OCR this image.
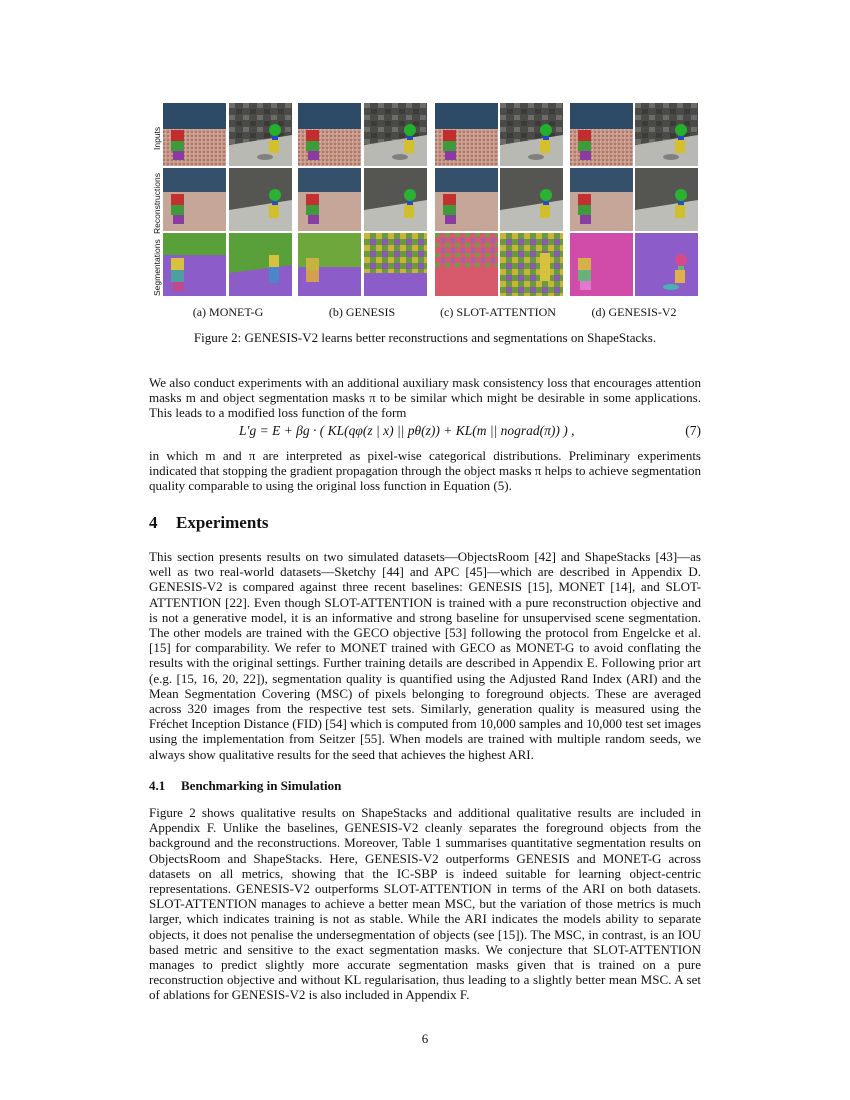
Inputs
Reconstructions
Segmentations
(a) MONET-G	(b) GENESIS	(c) SLOT-ATTENTION	(d) GENESIS-V2
Figure 2: GENESIS-V2 learns better reconstructions and segmentations on ShapeStacks.
We also conduct experiments with an additional auxiliary mask consistency loss that encourages attention masks m and object segmentation masks π to be similar which might be desirable in some applications. This leads to a modified loss function of the form
L′g = E + βg · ( KL(qφ(z | x) || pθ(z)) + KL(m || nograd(π)) ) ,	(7)
in which m and π are interpreted as pixel-wise categorical distributions. Preliminary experiments indicated that stopping the gradient propagation through the object masks π helps to achieve segmentation quality comparable to using the original loss function in Equation (5).
4 Experiments
This section presents results on two simulated datasets—ObjectsRoom [42] and ShapeStacks [43]—as well as two real-world datasets—Sketchy [44] and APC [45]—which are described in Appendix D. GENESIS-V2 is compared against three recent baselines: GENESIS [15], MONET [14], and SLOT-ATTENTION [22]. Even though SLOT-ATTENTION is trained with a pure reconstruction objective and is not a generative model, it is an informative and strong baseline for unsupervised scene segmentation. The other models are trained with the GECO objective [53] following the protocol from Engelcke et al. [15] for comparability. We refer to MONET trained with GECO as MONET-G to avoid conflating the results with the original settings. Further training details are described in Appendix E. Following prior art (e.g. [15, 16, 20, 22]), segmentation quality is quantified using the Adjusted Rand Index (ARI) and the Mean Segmentation Covering (MSC) of pixels belonging to foreground objects. These are averaged across 320 images from the respective test sets. Similarly, generation quality is measured using the Fréchet Inception Distance (FID) [54] which is computed from 10,000 samples and 10,000 test set images using the implementation from Seitzer [55]. When models are trained with multiple random seeds, we always show qualitative results for the seed that achieves the highest ARI.
4.1 Benchmarking in Simulation
Figure 2 shows qualitative results on ShapeStacks and additional qualitative results are included in Appendix F. Unlike the baselines, GENESIS-V2 cleanly separates the foreground objects from the background and the reconstructions. Moreover, Table 1 summarises quantitative segmentation results on ObjectsRoom and ShapeStacks. Here, GENESIS-V2 outperforms GENESIS and MONET-G across datasets on all metrics, showing that the IC-SBP is indeed suitable for learning object-centric representations. GENESIS-V2 outperforms SLOT-ATTENTION in terms of the ARI on both datasets. SLOT-ATTENTION manages to achieve a better mean MSC, but the variation of those metrics is much larger, which indicates training is not as stable. While the ARI indicates the models ability to separate objects, it does not penalise the undersegmentation of objects (see [15]). The MSC, in contrast, is an IOU based metric and sensitive to the exact segmentation masks. We conjecture that SLOT-ATTENTION manages to predict slightly more accurate segmentation masks given that is trained on a pure reconstruction objective and without KL regularisation, thus leading to a slightly better mean MSC. A set of ablations for GENESIS-V2 is also included in Appendix F.
6
